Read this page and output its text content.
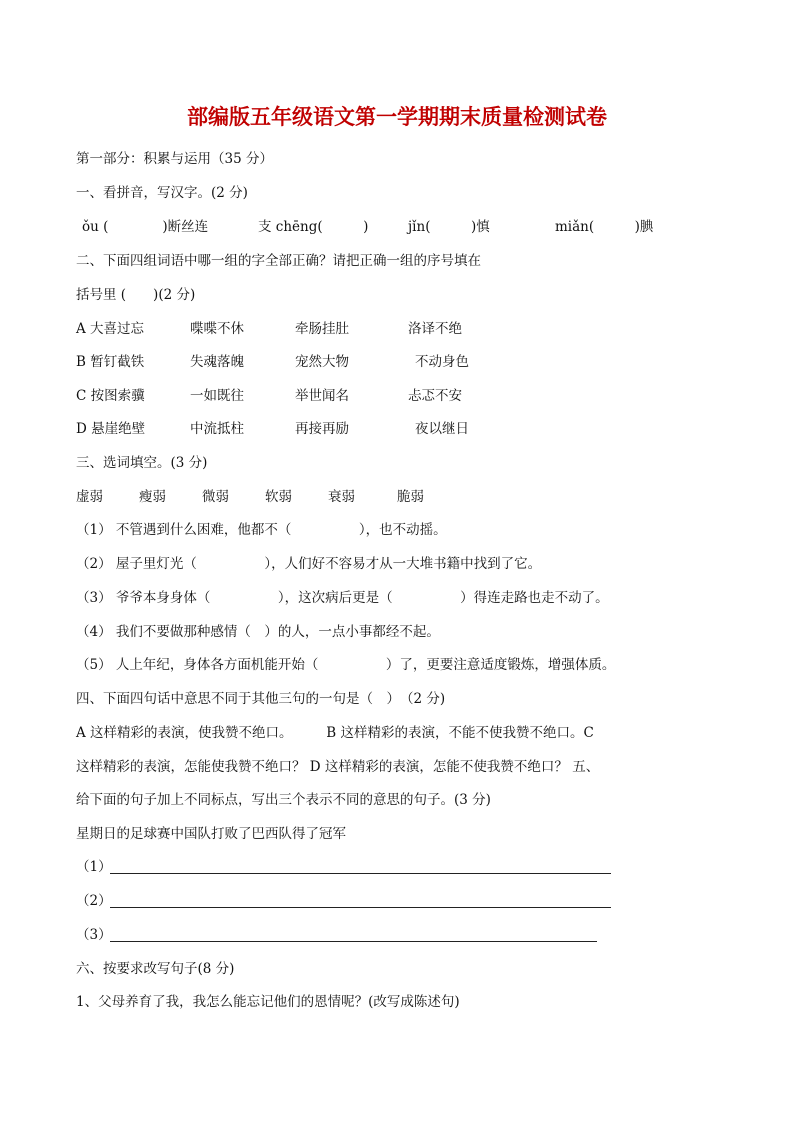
部编版五年级语文第一学期期末质量检测试卷
第一部分：积累与运用（35 分）
一、看拼音，写汉字。(2 分)
ǒu (　　　　)断丝连	支 chēng(　　　)	jǐn(　　　)慎	miǎn(　　　)腆
二、下面四组词语中哪一组的字全部正确？请把正确一组的序号填在
括号里 (　　)(2 分)
A 大喜过忘	喋喋不休	牵肠挂肚	洛译不绝
B 暂钉截铁	失魂落魄	宠然大物	不动身色
C 按图索骥	一如既往	举世闻名	忐忑不安
D 悬崖绝壁	中流抵柱	再接再励	夜以继日
三、选词填空。(3 分)
虚弱	瘦弱	微弱	软弱	衰弱	脆弱
（1） 不管遇到什么困难，他都不（　　　　　），也不动摇。
（2） 屋子里灯光（　　　　　），人们好不容易才从一大堆书籍中找到了它。
（3） 爷爷本身身体（　　　　　），这次病后更是（　　　　　）得连走路也走不动了。
（4） 我们不要做那种感情（　）的人，一点小事都经不起。
（5） 人上年纪，身体各方面机能开始（　　　　　）了，更要注意适度锻炼，增强体质。
四、下面四句话中意思不同于其他三句的一句是（　）　（2 分)
A 这样精彩的表演，使我赞不绝口。　　　B 这样精彩的表演，不能不使我赞不绝口。C
这样精彩的表演，怎能使我赞不绝口？ D 这样精彩的表演，怎能不使我赞不绝口？ 五、
给下面的句子加上不同标点，写出三个表示不同的意思的句子。(3 分)
星期日的足球赛中国队打败了巴西队得了冠军
（1）
（2）
（3）
六、按要求改写句子(8 分)
1、父母养育了我，我怎么能忘记他们的恩情呢？(改写成陈述句)
